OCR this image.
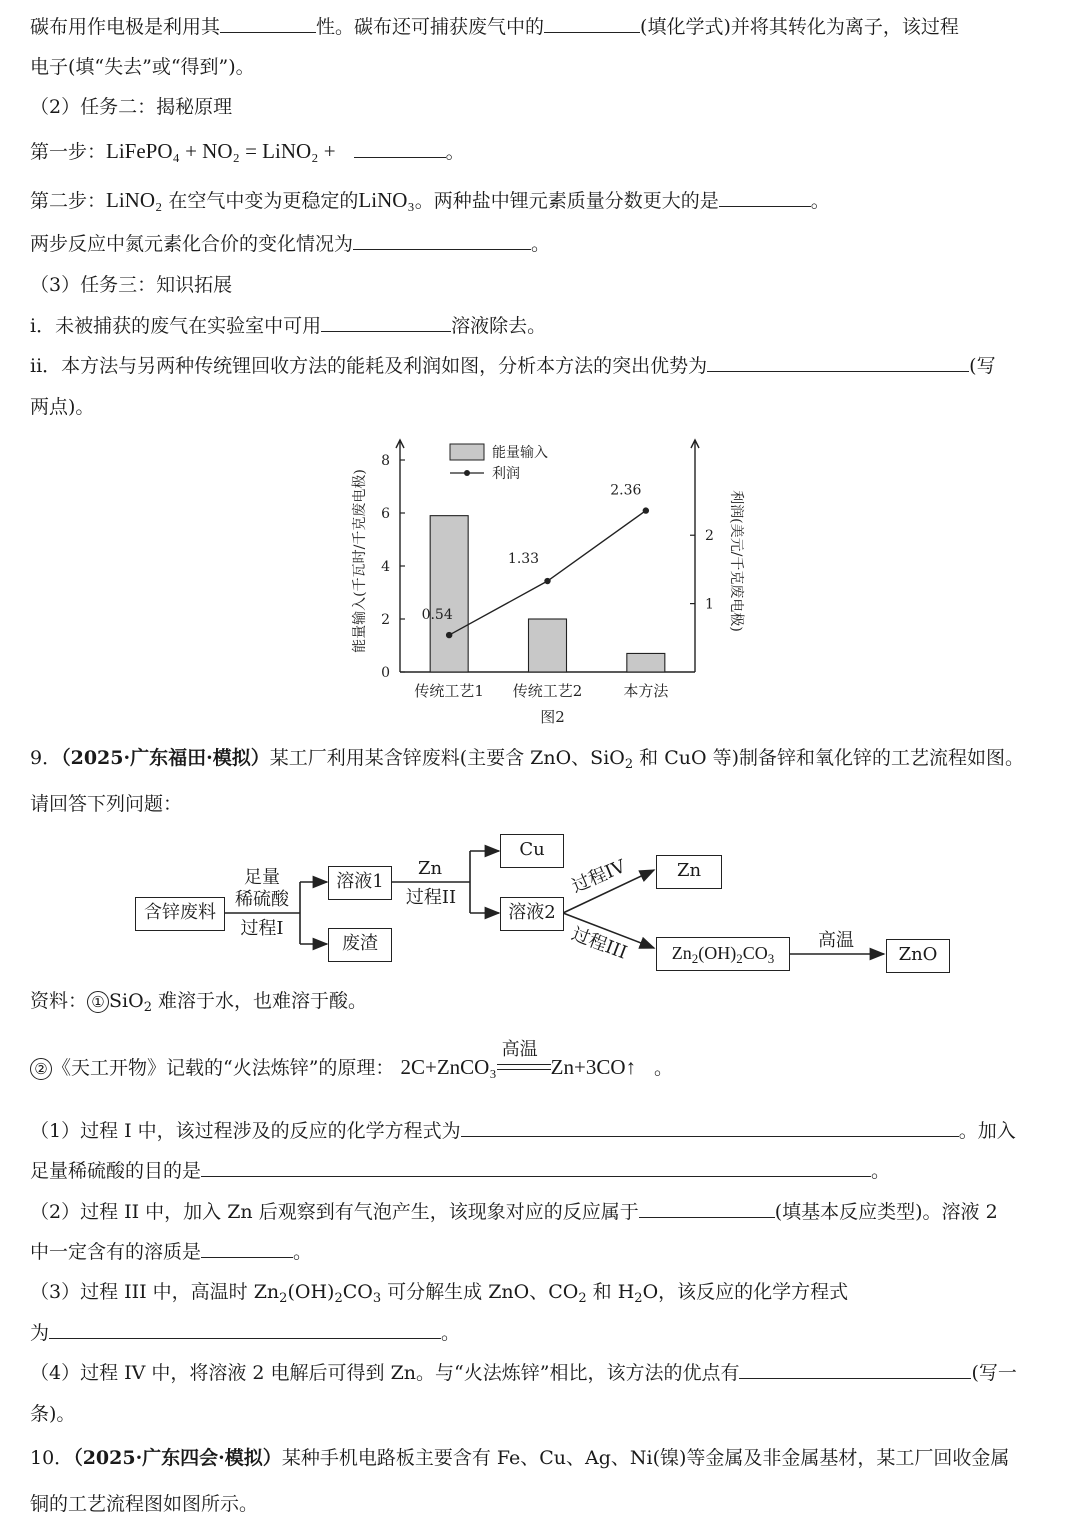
碳布用作电极是利用其	性。碳布还可捕获废气中的	(填化学式)并将其转化为离子，该过程
电子(填“失去”或“得到”)。
（2）任务二：揭秘原理
第一步：LiFePO₄ + NO₂ = LiNO₂ +	。
第二步：LiNO₂ 在空气中变为更稳定的LiNO₃。两种盐中锂元素质量分数更大的是	。
两步反应中氮元素化合价的变化情况为	。
（3）任务三：知识拓展
i．未被捕获的废气在实验室中可用	溶液除去。
ii．本方法与另两种传统锂回收方法的能耗及利润如图，分析本方法的突出优势为	(写
两点)。
0
2
4
6
8
1
2
传统工艺1 传统工艺2	本方法
0.54
1.33
2.36
能量输入
利润
能量输入(千瓦时/千克废电极)	利润(美元/千克废电极)
图2
9．（2025·广东福田·模拟）某工厂利用某含锌废料(主要含 ZnO、SiO$_2$ 和 CuO 等)制备锌和氧化锌的工艺流程如图。
请回答下列问题：
含锌废料
足量
稀硫酸
过程I
溶液1
废渣
Zn
过程II
Cu
溶液2
过程IV
过程III
Zn
$Zn_2(OH)_2CO_3$
高温
ZnO
资料： ① SiO$_2$ 难溶于水，也难溶于酸。
② 《天工开物》记载的“火法炼锌”的原理： 2C+ZnCO₃
高温
Zn+3CO↑ 。
（1）过程 I 中，该过程涉及的反应的化学方程式为	。加入
足量稀硫酸的目的是	。
（2）过程 II 中，加入 Zn 后观察到有气泡产生，该现象对应的反应属于	(填基本反应类型)。溶液 2
中一定含有的溶质是	。
（3）过程 III 中，高温时 $Zn_2(OH)_2CO_3$ 可分解生成 ZnO、$CO_2$ 和 $H_2O$，该反应的化学方程式
为	。
（4）过程 IV 中，将溶液 2 电解后可得到 Zn。与“火法炼锌”相比，该方法的优点有	(写一
条)。
10．（2025·广东四会·模拟）某种手机电路板主要含有 Fe、Cu、Ag、Ni(镍)等金属及非金属基材，某工厂回收金属
铜的工艺流程图如图所示。
